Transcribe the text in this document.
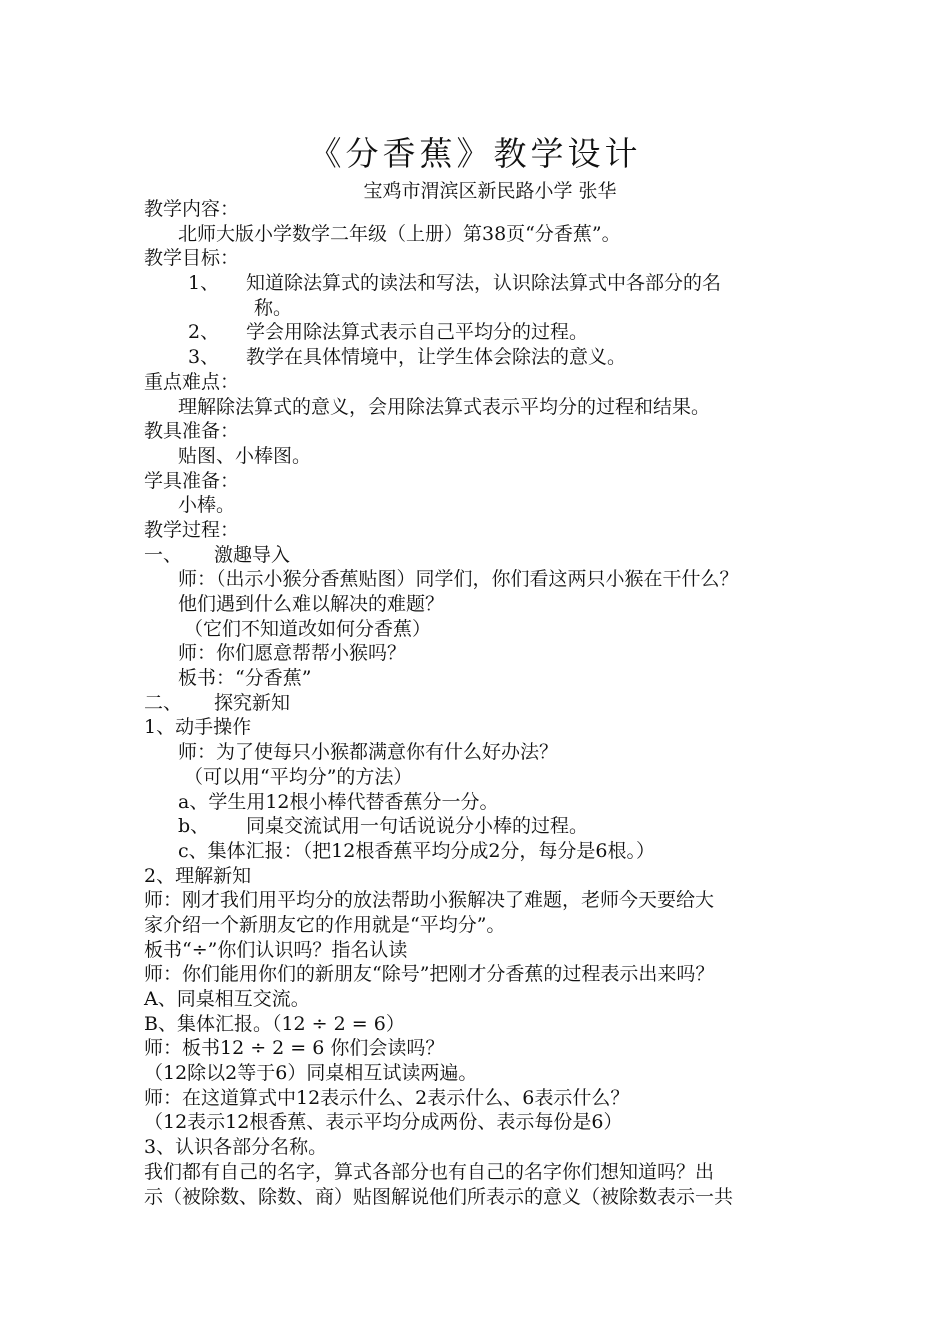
《分香蕉》教学设计
宝鸡市渭滨区新民路小学 张华
教学内容：
北师大版小学数学二年级（上册）第38页“分香蕉”。
教学目标：
1、 知道除法算式的读法和写法，认识除法算式中各部分的名
称。
2、 学会用除法算式表示自己平均分的过程。
3、 教学在具体情境中，让学生体会除法的意义。
重点难点：
理解除法算式的意义，会用除法算式表示平均分的过程和结果。
教具准备：
贴图、小棒图。
学具准备：
小棒。
教学过程：
一、 激趣导入
师：（出示小猴分香蕉贴图）同学们，你们看这两只小猴在干什么？
他们遇到什么难以解决的难题？
（它们不知道改如何分香蕉）
师：你们愿意帮帮小猴吗？
板书：“分香蕉”
二、 探究新知
1、动手操作
师：为了使每只小猴都满意你有什么好办法？
（可以用“平均分”的方法）
a、学生用12根小棒代替香蕉分一分。
b、 同桌交流试用一句话说说分小棒的过程。
c、集体汇报：（把12根香蕉平均分成2分，每分是6根。）
2、理解新知
师：刚才我们用平均分的放法帮助小猴解决了难题，老师今天要给大
家介绍一个新朋友它的作用就是“平均分”。
板书“÷”你们认识吗？指名认读
师：你们能用你们的新朋友“除号”把刚才分香蕉的过程表示出来吗？
A、同桌相互交流。
B、集体汇报。（12 ÷ 2 = 6）
师：板书12 ÷ 2 = 6 你们会读吗？
（12除以2等于6）同桌相互试读两遍。
师：在这道算式中12表示什么、2表示什么、6表示什么？
（12表示12根香蕉、表示平均分成两份、表示每份是6）
3、认识各部分名称。
我们都有自己的名字，算式各部分也有自己的名字你们想知道吗？出
示（被除数、除数、商）贴图解说他们所表示的意义（被除数表示一共
